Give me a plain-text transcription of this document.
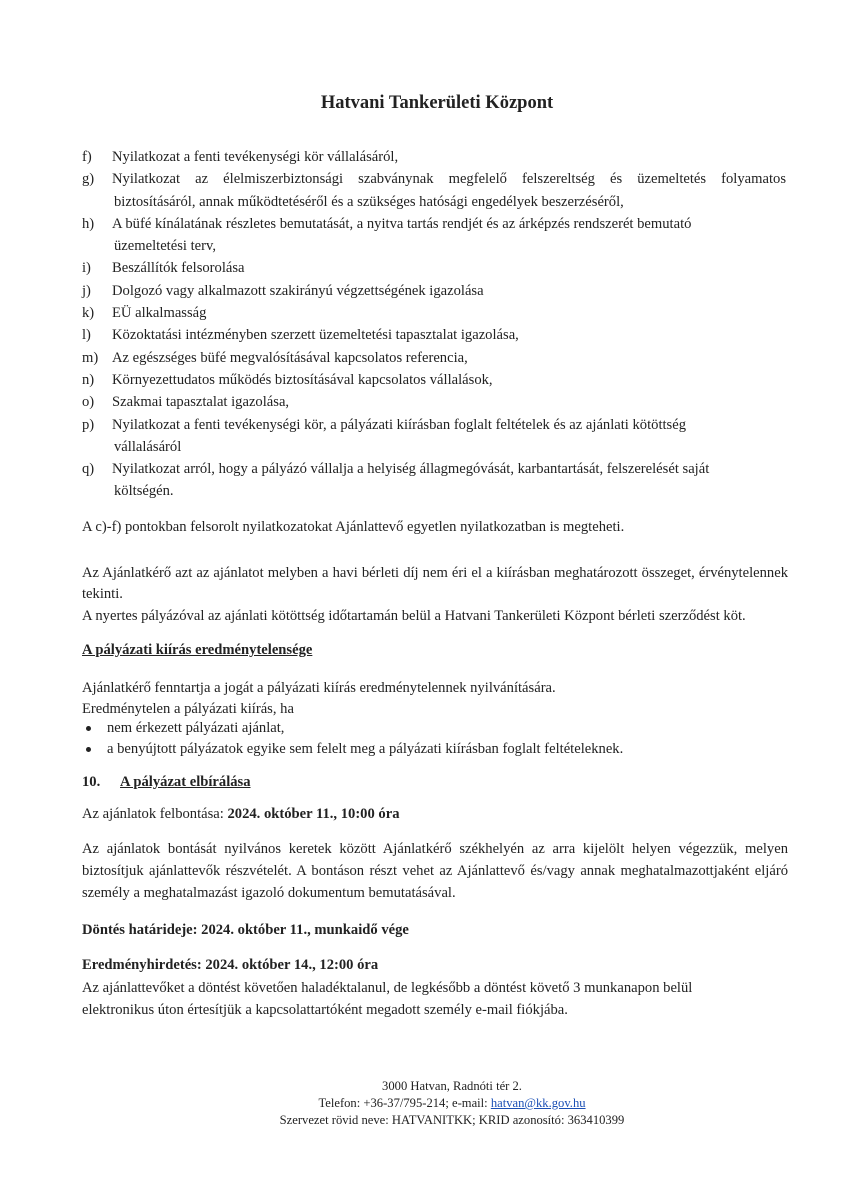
Hatvani Tankerületi Központ
f)	Nyilatkozat a fenti tevékenységi kör vállalásáról,
g)	Nyilatkozat az élelmiszerbiztonsági szabványnak megfelelő felszereltség és üzemeltetés folyamatos
biztosításáról, annak működtetéséről és a szükséges hatósági engedélyek beszerzéséről,
h)	A büfé kínálatának részletes bemutatását, a nyitva tartás rendjét és az árképzés rendszerét bemutató
üzemeltetési terv,
i)	Beszállítók felsorolása
j)	Dolgozó vagy alkalmazott szakirányú végzettségének igazolása
k)	EÜ alkalmasság
l)	Közoktatási intézményben szerzett üzemeltetési tapasztalat igazolása,
m) Az egészséges büfé megvalósításával kapcsolatos referencia,
n)	Környezettudatos működés biztosításával kapcsolatos vállalások,
o)	Szakmai tapasztalat igazolása,
p)	Nyilatkozat a fenti tevékenységi kör, a pályázati kiírásban foglalt feltételek és az ajánlati kötöttség
vállalásáról
q)	Nyilatkozat arról, hogy a pályázó vállalja a helyiség állagmegóvását, karbantartását, felszerelését saját
költségén.
A c)-f) pontokban felsorolt nyilatkozatokat Ajánlattevő egyetlen nyilatkozatban is megteheti.
Az Ajánlatkérő azt az ajánlatot melyben a havi bérleti díj nem éri el a kiírásban meghatározott összeget, érvénytelennek tekinti.
A nyertes pályázóval az ajánlati kötöttség időtartamán belül a Hatvani Tankerületi Központ bérleti szerződést köt.
A pályázati kiírás eredménytelensége
Ajánlatkérő fenntartja a jogát a pályázati kiírás eredménytelennek nyilvánítására.
Eredménytelen a pályázati kiírás, ha
nem érkezett pályázati ajánlat,
a benyújtott pályázatok egyike sem felelt meg a pályázati kiírásban foglalt feltételeknek.
10. A pályázat elbírálása
Az ajánlatok felbontása: 2024. október 11., 10:00 óra
Az ajánlatok bontását nyilvános keretek között Ajánlatkérő székhelyén az arra kijelölt helyen végezzük, melyen biztosítjuk ajánlattevők részvételét. A bontáson részt vehet az Ajánlattevő és/vagy annak meghatalmazottjaként eljáró személy a meghatalmazást igazoló dokumentum bemutatásával.
Döntés határideje: 2024. október 11., munkaidő vége
Eredményhirdetés: 2024. október 14., 12:00 óra
Az ajánlattevőket a döntést követően haladéktalanul, de legkésőbb a döntést követő 3 munkanapon belül
elektronikus úton értesítjük a kapcsolattartóként megadott személy e-mail fiókjába.
3000 Hatvan, Radnóti tér 2.
Telefon: +36-37/795-214; e-mail: hatvan@kk.gov.hu
Szervezet rövid neve: HATVANITKK; KRID azonosító: 363410399
